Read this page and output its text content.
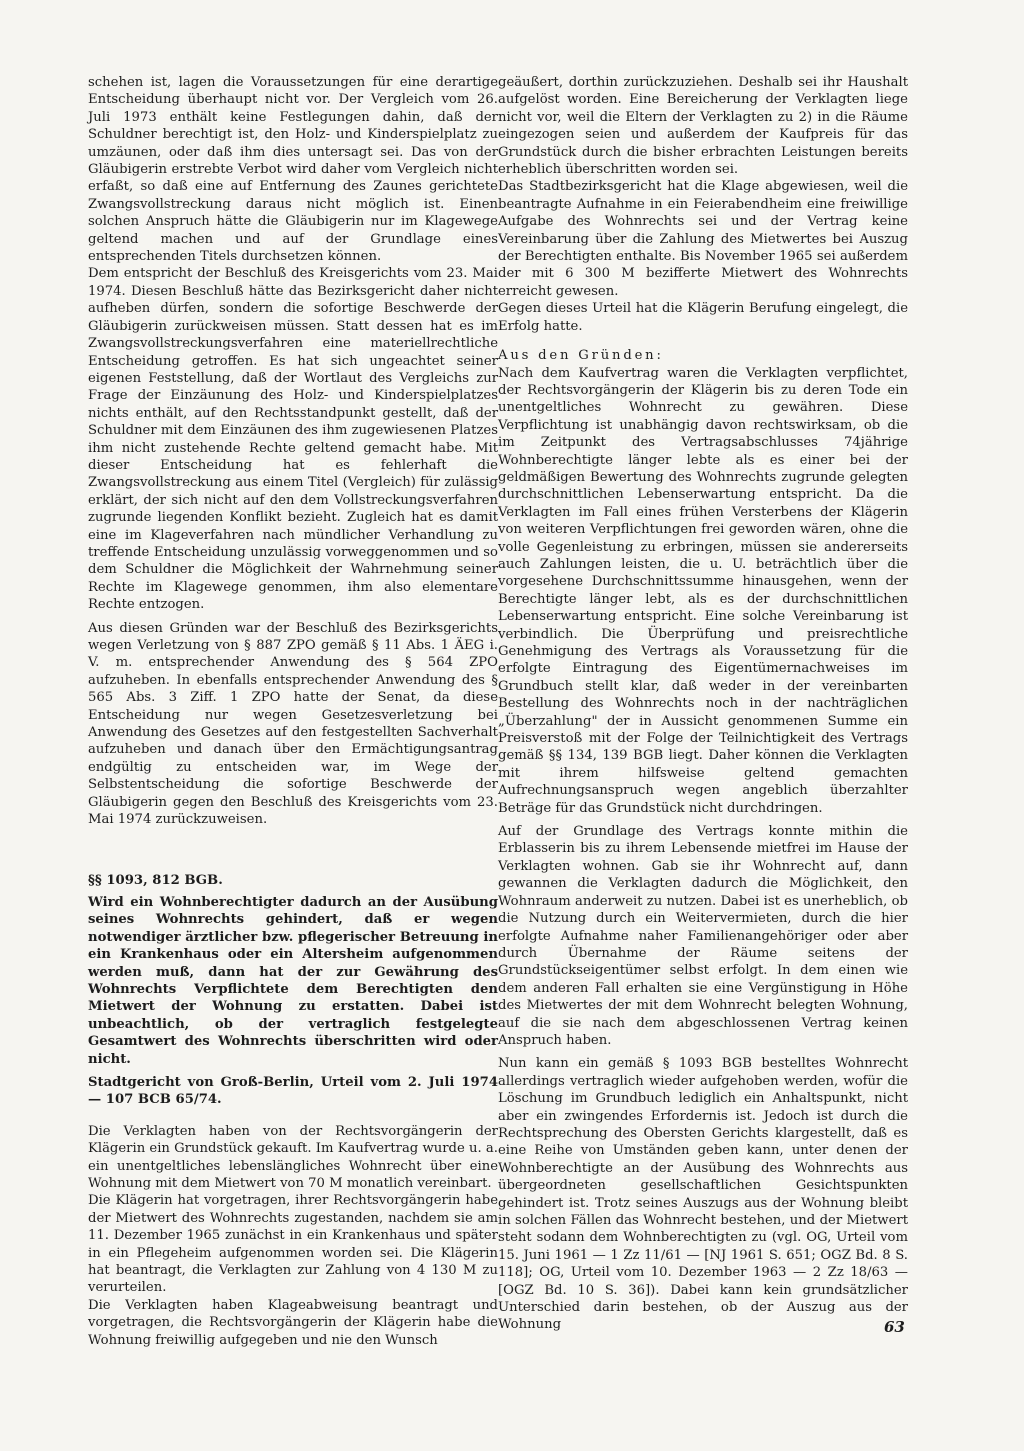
schehen ist, lagen die Voraussetzungen für eine derartige Entscheidung überhaupt nicht vor. Der Vergleich vom 26. Juli 1973 enthält keine Festlegungen dahin, daß der Schuldner berechtigt ist, den Holz- und Kinderspielplatz zu umzäunen, oder daß ihm dies untersagt sei. Das von der Gläubigerin erstrebte Verbot wird daher vom Vergleich nicht erfaßt, so daß eine auf Entfernung des Zaunes gerichtete Zwangsvollstreckung daraus nicht möglich ist. Einen solchen Anspruch hätte die Gläubigerin nur im Klagewege geltend machen und auf der Grundlage eines entsprechenden Titels durchsetzen können.

Dem entspricht der Beschluß des Kreisgerichts vom 23. Mai 1974. Diesen Beschluß hätte das Bezirksgericht daher nicht aufheben dürfen, sondern die sofortige Beschwerde der Gläubigerin zurückweisen müssen. Statt dessen hat es im Zwangsvollstreckungsverfahren eine materiellrechtliche Entscheidung getroffen. Es hat sich ungeachtet seiner eigenen Feststellung, daß der Wortlaut des Vergleichs zur Frage der Einzäunung des Holz- und Kinderspielplatzes nichts enthält, auf den Rechtsstandpunkt gestellt, daß der Schuldner mit dem Einzäunen des ihm zugewiesenen Platzes ihm nicht zustehende Rechte geltend gemacht habe. Mit dieser Entscheidung hat es fehlerhaft die Zwangsvollstreckung aus einem Titel (Vergleich) für zulässig erklärt, der sich nicht auf den dem Vollstreckungsverfahren zugrunde liegenden Konflikt bezieht. Zugleich hat es damit eine im Klageverfahren nach mündlicher Verhandlung zu treffende Entscheidung unzulässig vorweggenommen und so dem Schuldner die Möglichkeit der Wahrnehmung seiner Rechte im Klagewege genommen, ihm also elementare Rechte entzogen.

Aus diesen Gründen war der Beschluß des Bezirksgerichts wegen Verletzung von § 887 ZPO gemäß § 11 Abs. 1 ÄEG i. V. m. entsprechender Anwendung des § 564 ZPO aufzuheben. In ebenfalls entsprechender Anwendung des § 565 Abs. 3 Ziff. 1 ZPO hatte der Senat, da diese Entscheidung nur wegen Gesetzesverletzung bei Anwendung des Gesetzes auf den festgestellten Sachverhalt aufzuheben und danach über den Ermächtigungsantrag endgültig zu entscheiden war, im Wege der Selbstentscheidung die sofortige Beschwerde der Gläubigerin gegen den Beschluß des Kreisgerichts vom 23. Mai 1974 zurückzuweisen.

§§ 1093, 812 BGB.

Wird ein Wohnberechtigter dadurch an der Ausübung seines Wohnrechts gehindert, daß er wegen notwendiger ärztlicher bzw. pflegerischer Betreuung in ein Krankenhaus oder ein Altersheim aufgenommen werden muß, dann hat der zur Gewährung des Wohnrechts Verpflichtete dem Berechtigten den Mietwert der Wohnung zu erstatten. Dabei ist unbeachtlich, ob der vertraglich festgelegte Gesamtwert des Wohnrechts überschritten wird oder nicht.

Stadtgericht von Groß-Berlin, Urteil vom 2. Juli 1974 — 107 BCB 65/74.

Die Verklagten haben von der Rechtsvorgängerin der Klägerin ein Grundstück gekauft. Im Kaufvertrag wurde u. a. ein unentgeltliches lebenslängliches Wohnrecht über eine Wohnung mit dem Mietwert von 70 M monatlich vereinbart.

Die Klägerin hat vorgetragen, ihrer Rechtsvorgängerin habe der Mietwert des Wohnrechts zugestanden, nachdem sie am 11. Dezember 1965 zunächst in ein Krankenhaus und später in ein Pflegeheim aufgenommen worden sei. Die Klägerin hat beantragt, die Verklagten zur Zahlung von 4 130 M zu verurteilen.

Die Verklagten haben Klageabweisung beantragt und vorgetragen, die Rechtsvorgängerin der Klägerin habe die Wohnung freiwillig aufgegeben und nie den Wunsch

geäußert, dorthin zurückzuziehen. Deshalb sei ihr Haushalt aufgelöst worden. Eine Bereicherung der Verklagten liege nicht vor, weil die Eltern der Verklagten zu 2) in die Räume eingezogen seien und außerdem der Kaufpreis für das Grundstück durch die bisher erbrachten Leistungen bereits erheblich überschritten worden sei.

Das Stadtbezirksgericht hat die Klage abgewiesen, weil die beantragte Aufnahme in ein Feierabendheim eine freiwillige Aufgabe des Wohnrechts sei und der Vertrag keine Vereinbarung über die Zahlung des Mietwertes bei Auszug der Berechtigten enthalte. Bis November 1965 sei außerdem der mit 6 300 M bezifferte Mietwert des Wohnrechts erreicht gewesen.

Gegen dieses Urteil hat die Klägerin Berufung eingelegt, die Erfolg hatte.

Aus den Gründen:

Nach dem Kaufvertrag waren die Verklagten verpflichtet, der Rechtsvorgängerin der Klägerin bis zu deren Tode ein unentgeltliches Wohnrecht zu gewähren. Diese Verpflichtung ist unabhängig davon rechtswirksam, ob die im Zeitpunkt des Vertragsabschlusses 74jährige Wohnberechtigte länger lebte als es einer bei der geldmäßigen Bewertung des Wohnrechts zugrunde gelegten durchschnittlichen Lebenserwartung entspricht. Da die Verklagten im Fall eines frühen Versterbens der Klägerin von weiteren Verpflichtungen frei geworden wären, ohne die volle Gegenleistung zu erbringen, müssen sie andererseits auch Zahlungen leisten, die u. U. beträchtlich über die vorgesehene Durchschnittssumme hinausgehen, wenn der Berechtigte länger lebt, als es der durchschnittlichen Lebenserwartung entspricht. Eine solche Vereinbarung ist verbindlich. Die Überprüfung und preisrechtliche Genehmigung des Vertrags als Voraussetzung für die erfolgte Eintragung des Eigentümernachweises im Grundbuch stellt klar, daß weder in der vereinbarten Bestellung des Wohnrechts noch in der nachträglichen „Überzahlung" der in Aussicht genommenen Summe ein Preisverstoß mit der Folge der Teilnichtigkeit des Vertrags gemäß §§ 134, 139 BGB liegt. Daher können die Verklagten mit ihrem hilfsweise geltend gemachten Aufrechnungsanspruch wegen angeblich überzahlter Beträge für das Grundstück nicht durchdringen.

Auf der Grundlage des Vertrags konnte mithin die Erblasserin bis zu ihrem Lebensende mietfrei im Hause der Verklagten wohnen. Gab sie ihr Wohnrecht auf, dann gewannen die Verklagten dadurch die Möglichkeit, den Wohnraum anderweit zu nutzen. Dabei ist es unerheblich, ob die Nutzung durch ein Weitervermieten, durch die hier erfolgte Aufnahme naher Familienangehöriger oder aber durch Übernahme der Räume seitens der Grundstückseigentümer selbst erfolgt. In dem einen wie dem anderen Fall erhalten sie eine Vergünstigung in Höhe des Mietwertes der mit dem Wohnrecht belegten Wohnung, auf die sie nach dem abgeschlossenen Vertrag keinen Anspruch haben.

Nun kann ein gemäß § 1093 BGB bestelltes Wohnrecht allerdings vertraglich wieder aufgehoben werden, wofür die Löschung im Grundbuch lediglich ein Anhaltspunkt, nicht aber ein zwingendes Erfordernis ist. Jedoch ist durch die Rechtsprechung des Obersten Gerichts klargestellt, daß es eine Reihe von Umständen geben kann, unter denen der Wohnberechtigte an der Ausübung des Wohnrechts aus übergeordneten gesellschaftlichen Gesichtspunkten gehindert ist. Trotz seines Auszugs aus der Wohnung bleibt in solchen Fällen das Wohnrecht bestehen, und der Mietwert steht sodann dem Wohnberechtigten zu (vgl. OG, Urteil vom 15. Juni 1961 — 1 Zz 11/61 — [NJ 1961 S. 651; OGZ Bd. 8 S. 118]; OG, Urteil vom 10. Dezember 1963 — 2 Zz 18/63 — [OGZ Bd. 10 S. 36]). Dabei kann kein grundsätzlicher Unterschied darin bestehen, ob der Auszug aus der Wohnung	63
